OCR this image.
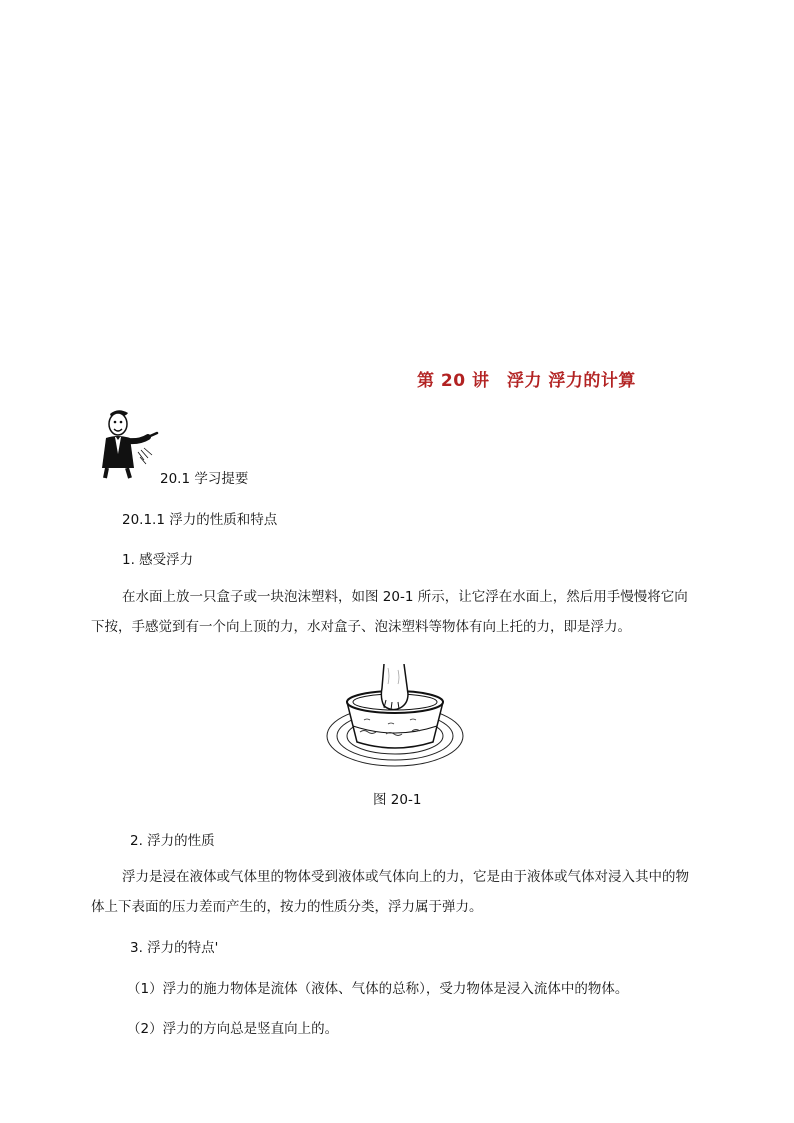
第 20 讲　浮力 浮力的计算
20.1 学习提要
20.1.1 浮力的性质和特点
1. 感受浮力
在水面上放一只盒子或一块泡沫塑料，如图 20-1 所示，让它浮在水面上，然后用手慢慢将它向下按，手感觉到有一个向上顶的力，水对盒子、泡沫塑料等物体有向上托的力，即是浮力。
图 20-1
2. 浮力的性质
浮力是浸在液体或气体里的物体受到液体或气体向上的力，它是由于液体或气体对浸入其中的物体上下表面的压力差而产生的，按力的性质分类，浮力属于弹力。
3. 浮力的特点'
（1）浮力的施力物体是流体（液体、气体的总称），受力物体是浸入流体中的物体。
（2）浮力的方向总是竖直向上的。
